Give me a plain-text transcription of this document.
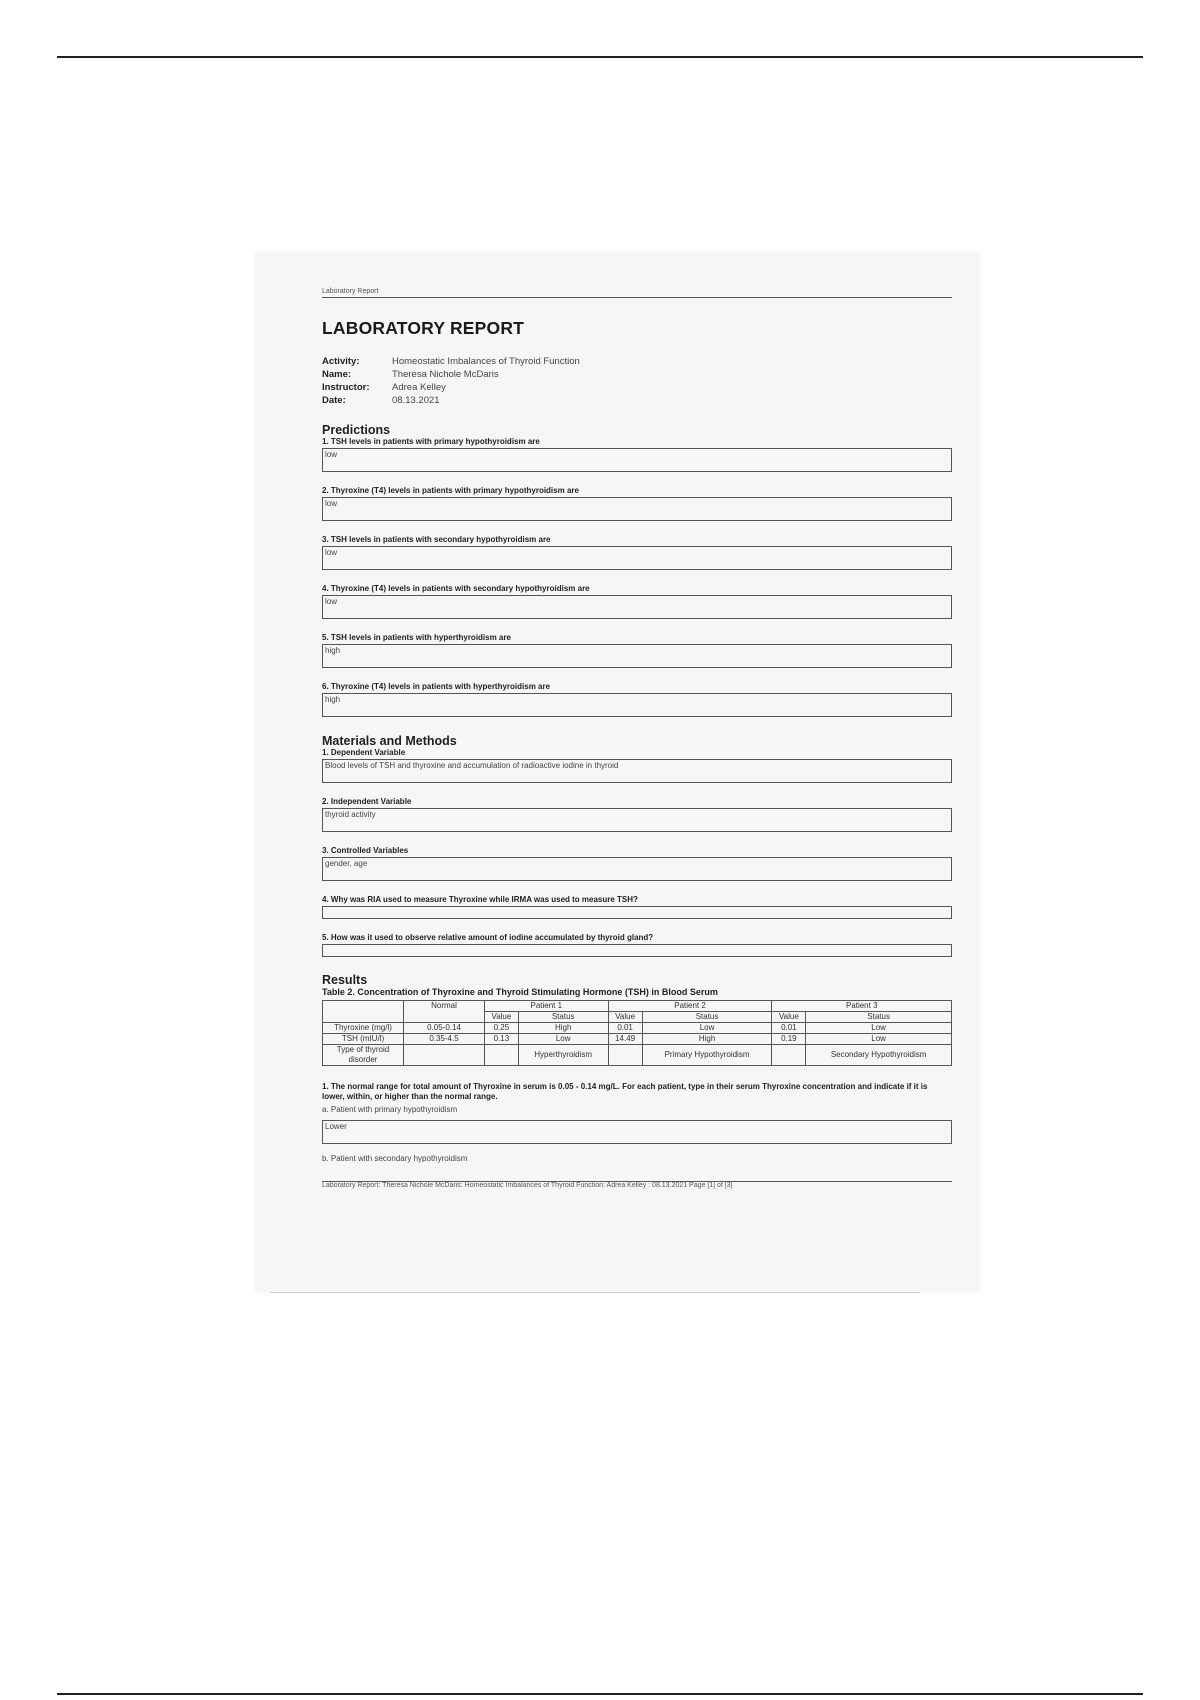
Laboratory Report
LABORATORY REPORT
Activity:	Homeostatic Imbalances of Thyroid Function
Name:	Theresa Nichole McDaris
Instructor:	Adrea Kelley
Date:	08.13.2021
Predictions
1. TSH levels in patients with primary hypothyroidism are
low
2. Thyroxine (T4) levels in patients with primary hypothyroidism are
low
3. TSH levels in patients with secondary hypothyroidism are
low
4. Thyroxine (T4) levels in patients with secondary hypothyroidism are
low
5. TSH levels in patients with hyperthyroidism are
high
6. Thyroxine (T4) levels in patients with hyperthyroidism are
high
Materials and Methods
1. Dependent Variable
Blood levels of TSH and thyroxine and accumulation of radioactive iodine in thyroid
2. Independent Variable
thyroid activity
3. Controlled Variables
gender, age
4. Why was RIA used to measure Thyroxine while IRMA was used to measure TSH?
5. How was it used to observe relative amount of iodine accumulated by thyroid gland?
Results
Table 2. Concentration of Thyroxine and Thyroid Stimulating Hormone (TSH) in Blood Serum
	Normal	Patient 1		Patient 2		Patient 3	
		Value	Status	Value	Status	Value	Status
Thyroxine (mg/l)	0.05-0.14	0.25	High	0.01	Low	0.01	Low
TSH (mIU/l)	0.35-4.5	0.13	Low	14.49	High	0.19	Low
Type of thyroid disorder			Hyperthyroidism		Primary Hypothyroidism		Secondary Hypothyroidism
1. The normal range for total amount of Thyroxine in serum is 0.05 - 0.14 mg/L. For each patient, type in their serum Thyroxine concentration and indicate if it is lower, within, or higher than the normal range.
a. Patient with primary hypothyroidism
Lower
b. Patient with secondary hypothyroidism
Laboratory Report: Theresa Nichole McDaris: Homeostatic Imbalances of Thyroid Function: Adrea Kelley : 08.13.2021 Page [1] of [3]
